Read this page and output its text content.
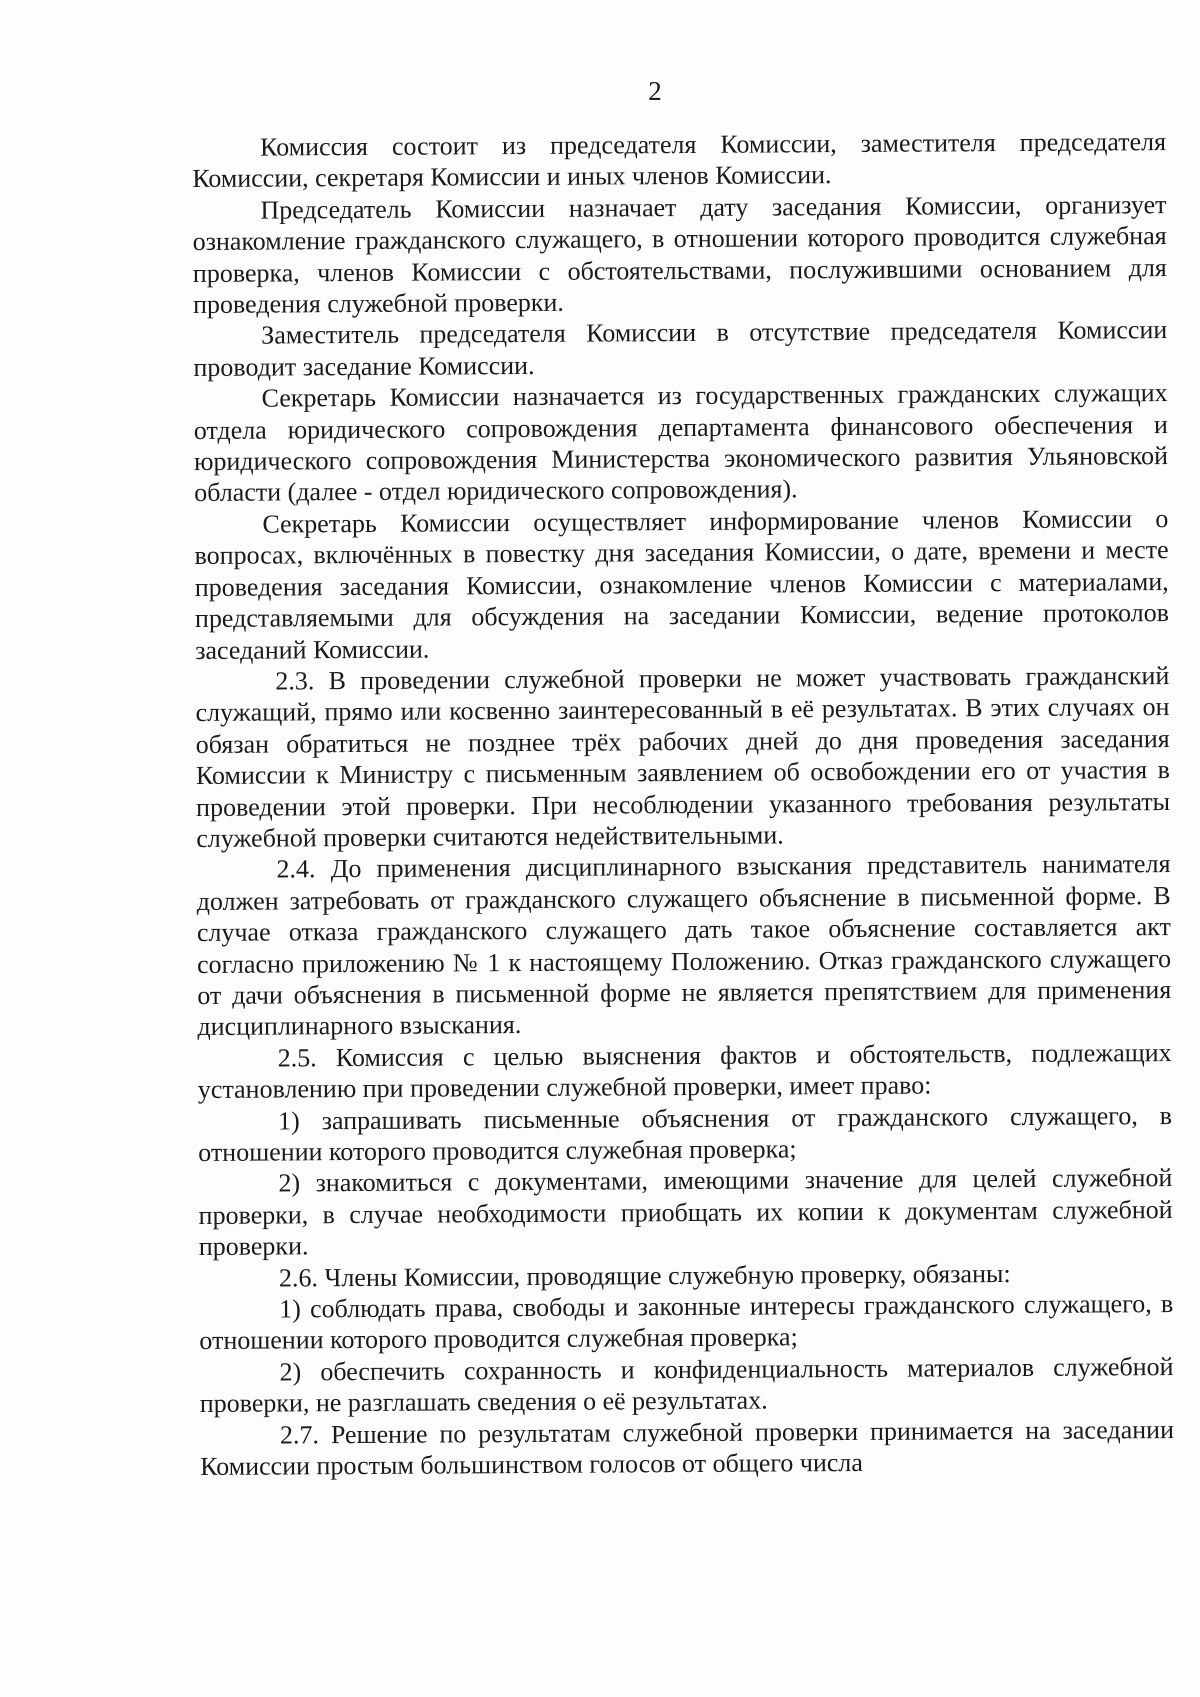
2

Комиссия состоит из председателя Комиссии, заместителя председателя Комиссии, секретаря Комиссии и иных членов Комиссии.

Председатель Комиссии назначает дату заседания Комиссии, организует ознакомление гражданского служащего, в отношении которого проводится служебная проверка, членов Комиссии с обстоятельствами, послужившими основанием для проведения служебной проверки.

Заместитель председателя Комиссии в отсутствие председателя Комиссии проводит заседание Комиссии.

Секретарь Комиссии назначается из государственных гражданских служащих отдела юридического сопровождения департамента финансового обеспечения и юридического сопровождения Министерства экономического развития Ульяновской области (далее - отдел юридического сопровождения).

Секретарь Комиссии осуществляет информирование членов Комиссии о вопросах, включённых в повестку дня заседания Комиссии, о дате, времени и месте проведения заседания Комиссии, ознакомление членов Комиссии с материалами, представляемыми для обсуждения на заседании Комиссии, ведение протоколов заседаний Комиссии.

2.3. В проведении служебной проверки не может участвовать гражданский служащий, прямо или косвенно заинтересованный в её результатах. В этих случаях он обязан обратиться не позднее трёх рабочих дней до дня проведения заседания Комиссии к Министру с письменным заявлением об освобождении его от участия в проведении этой проверки. При несоблюдении указанного требования результаты служебной проверки считаются недействительными.

2.4. До применения дисциплинарного взыскания представитель нанимателя должен затребовать от гражданского служащего объяснение в письменной форме. В случае отказа гражданского служащего дать такое объяснение составляется акт согласно приложению № 1 к настоящему Положению. Отказ гражданского служащего от дачи объяснения в письменной форме не является препятствием для применения дисциплинарного взыскания.

2.5. Комиссия с целью выяснения фактов и обстоятельств, подлежащих установлению при проведении служебной проверки, имеет право:

1) запрашивать письменные объяснения от гражданского служащего, в отношении которого проводится служебная проверка;

2) знакомиться с документами, имеющими значение для целей служебной проверки, в случае необходимости приобщать их копии к документам служебной проверки.

2.6. Члены Комиссии, проводящие служебную проверку, обязаны:

1) соблюдать права, свободы и законные интересы гражданского служащего, в отношении которого проводится служебная проверка;

2) обеспечить сохранность и конфиденциальность материалов служебной проверки, не разглашать сведения о её результатах.

2.7. Решение по результатам служебной проверки принимается на заседании Комиссии простым большинством голосов от общего числа
